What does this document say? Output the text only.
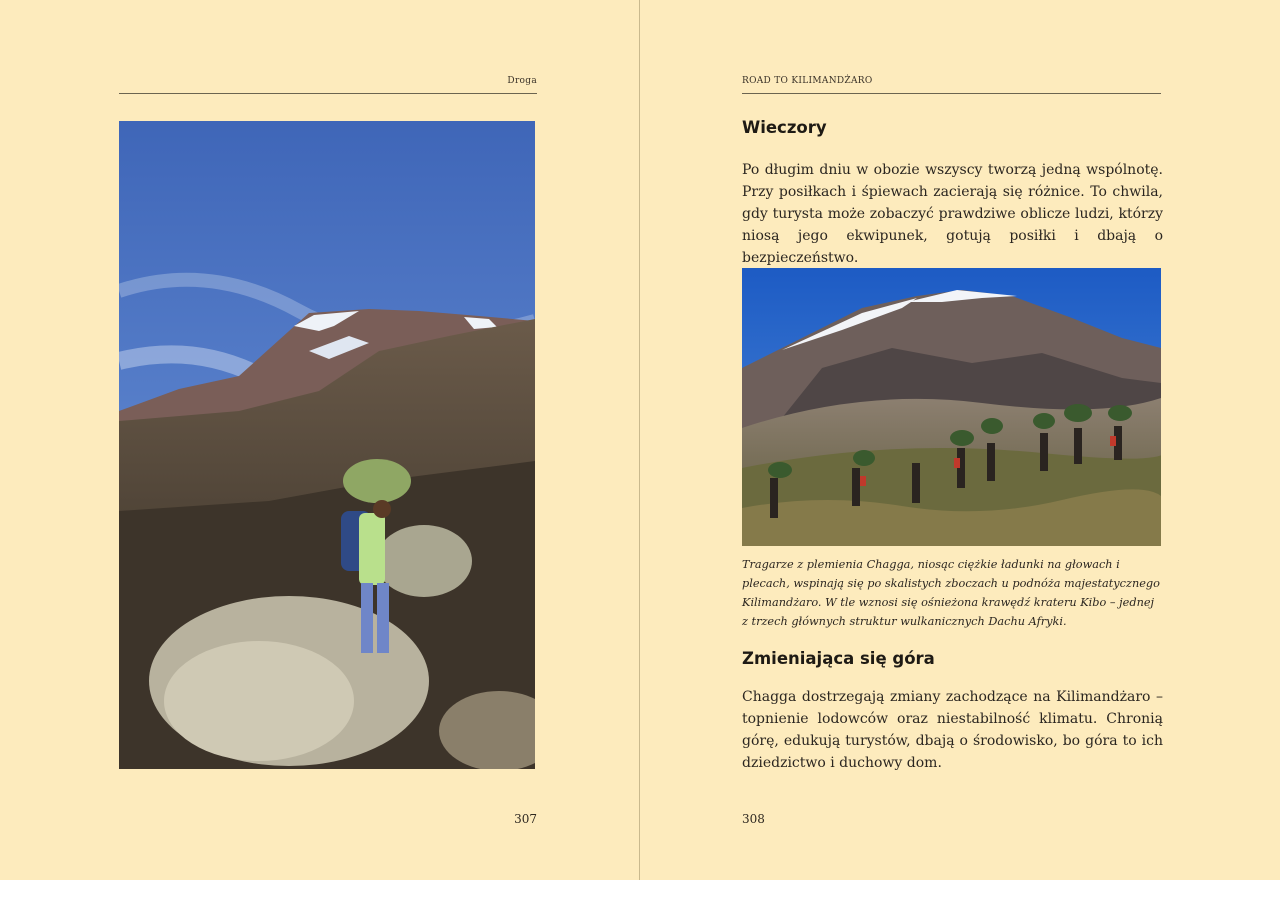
Droga
307
ROAD TO KILIMANDŻARO
Wieczory

Po długim dniu w obozie wszyscy tworzą jedną wspólnotę. Przy posiłkach i śpiewach zacierają się różnice. To chwila, gdy turysta może zobaczyć prawdziwe oblicze ludzi, którzy niosą jego ekwipunek, gotują posiłki i dbają o bezpieczeństwo.

Tragarze z plemienia Chagga, niosąc ciężkie ładunki na głowach i plecach, wspinają się po skalistych zboczach u podnóża majestatycznego Kilimandżaro. W tle wznosi się ośnieżona krawędź krateru Kibo – jednej z trzech głównych struktur wulkanicznych Dachu Afryki.

Zmieniająca się góra

Chagga dostrzegają zmiany zachodzące na Kilimandżaro – topnienie lodowców oraz niestabilność klimatu. Chronią górę, edukują turystów, dbają o środowisko, bo góra to ich dziedzictwo i duchowy dom.

308
